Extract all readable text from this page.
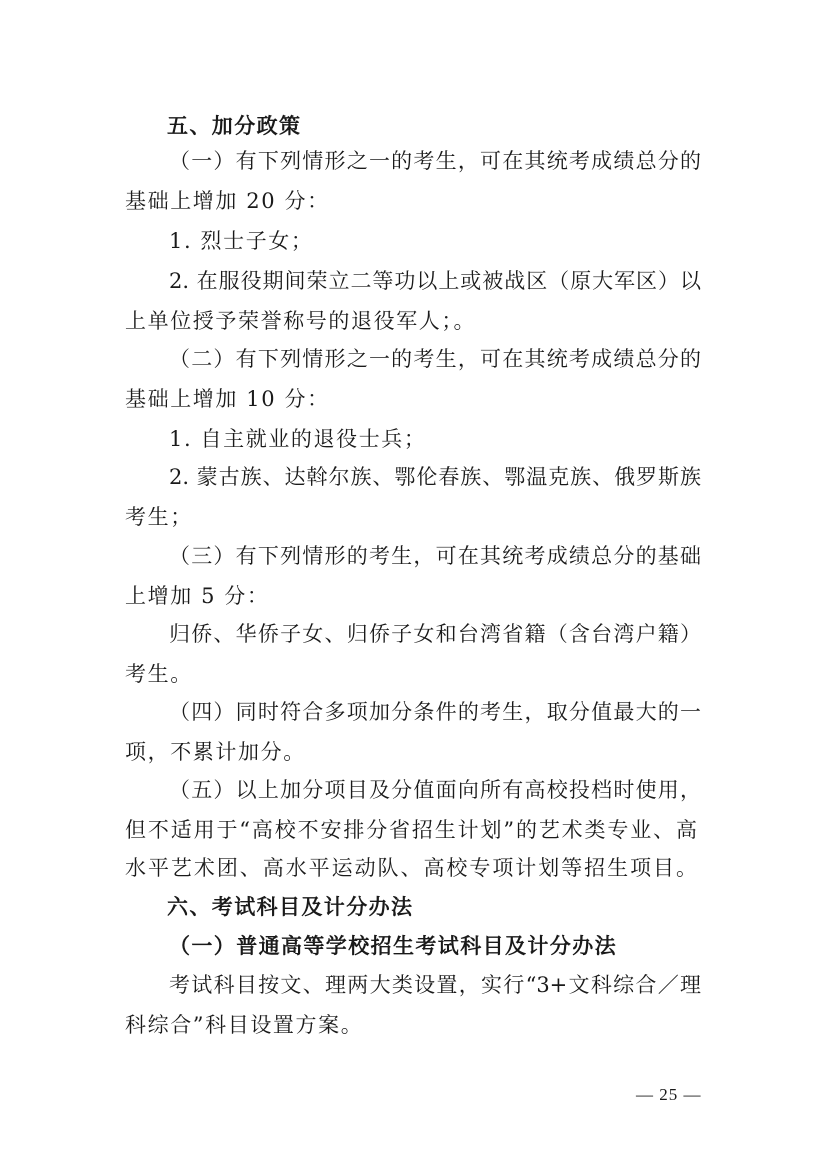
五、加分政策
（一）有下列情形之一的考生，可在其统考成绩总分的
基础上增加 20 分：
1. 烈士子女；
2. 在服役期间荣立二等功以上或被战区（原大军区）以
上单位授予荣誉称号的退役军人；。
（二）有下列情形之一的考生，可在其统考成绩总分的
基础上增加 10 分：
1. 自主就业的退役士兵；
2. 蒙古族、达斡尔族、鄂伦春族、鄂温克族、俄罗斯族
考生；
（三）有下列情形的考生，可在其统考成绩总分的基础
上增加 5 分：
归侨、华侨子女、归侨子女和台湾省籍（含台湾户籍）
考生。
（四）同时符合多项加分条件的考生，取分值最大的一
项，不累计加分。
（五）以上加分项目及分值面向所有高校投档时使用，
但不适用于“高校不安排分省招生计划”的艺术类专业、高
水平艺术团、高水平运动队、高校专项计划等招生项目。
六、考试科目及计分办法
（一）普通高等学校招生考试科目及计分办法
考试科目按文、理两大类设置，实行“3+文科综合／理
科综合”科目设置方案。
— 25 —
